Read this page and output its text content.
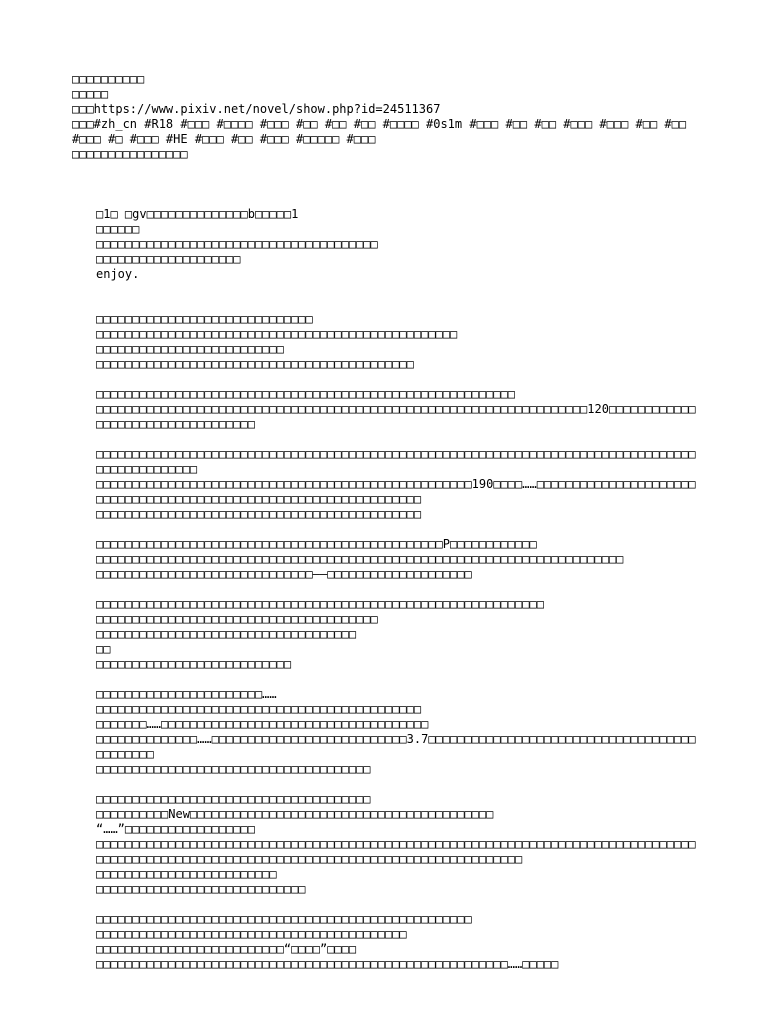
□□□□□□□□□□
□□□□□
□□□https://www.pixiv.net/novel/show.php?id=24511367
□□□#zh_cn #R18 #□□□ #□□□□ #□□□ #□□ #□□ #□□ #□□□□ #0s1m #□□□ #□□ #□□ #□□□ #□□□ #□□ #□□ #□□□ #□ #□□□ #HE #□□□ #□□ #□□□ #□□□□□ #□□□
□□□□□□□□□□□□□□□□
□1□ □gv□□□□□□□□□□□□□□b□□□□□1
□□□□□□
□□□□□□□□□□□□□□□□□□□□□□□□□□□□□□□□□□□□□□□
□□□□□□□□□□□□□□□□□□□□
enjoy.
□□□□□□□□□□□□□□□□□□□□□□□□□□□□□□
□□□□□□□□□□□□□□□□□□□□□□□□□□□□□□□□□□□□□□□□□□□□□□□□□□
□□□□□□□□□□□□□□□□□□□□□□□□□□
□□□□□□□□□□□□□□□□□□□□□□□□□□□□□□□□□□□□□□□□□□□□
□□□□□□□□□□□□□□□□□□□□□□□□□□□□□□□□□□□□□□□□□□□□□□□□□□□□□□□□□□
□□□□□□□□□□□□□□□□□□□□□□□□□□□□□□□□□□□□□□□□□□□□□□□□□□□□□□□□□□□□□□□□□□□□120□□□□□□□□□□□□□□□□□□□□□□□□□□□□□□□□□□
□□□□□□□□□□□□□□□□□□□□□□□□□□□□□□□□□□□□□□□□□□□□□□□□□□□□□□□□□□□□□□□□□□□□□□□□□□□□□□□□□□□□□□□□□□□□□□□□□
□□□□□□□□□□□□□□□□□□□□□□□□□□□□□□□□□□□□□□□□□□□□□□□□□□□□190□□□□……□□□□□□□□□□□□□□□□□□□□□□□□□□□□□□□□□□□□□□□□□□□□□□□□□□□□□□□□□□□□□□□□□□□
□□□□□□□□□□□□□□□□□□□□□□□□□□□□□□□□□□□□□□□□□□□□□
□□□□□□□□□□□□□□□□□□□□□□□□□□□□□□□□□□□□□□□□□□□□□□□□P□□□□□□□□□□□□
□□□□□□□□□□□□□□□□□□□□□□□□□□□□□□□□□□□□□□□□□□□□□□□□□□□□□□□□□□□□□□□□□□□□□□□□□
□□□□□□□□□□□□□□□□□□□□□□□□□□□□□□——□□□□□□□□□□□□□□□□□□□□
□□□□□□□□□□□□□□□□□□□□□□□□□□□□□□□□□□□□□□□□□□□□□□□□□□□□□□□□□□□□□□
□□□□□□□□□□□□□□□□□□□□□□□□□□□□□□□□□□□□□□□
□□□□□□□□□□□□□□□□□□□□□□□□□□□□□□□□□□□□
□□
□□□□□□□□□□□□□□□□□□□□□□□□□□□
□□□□□□□□□□□□□□□□□□□□□□□……
□□□□□□□□□□□□□□□□□□□□□□□□□□□□□□□□□□□□□□□□□□□□□
□□□□□□□……□□□□□□□□□□□□□□□□□□□□□□□□□□□□□□□□□□□□□
□□□□□□□□□□□□□□……□□□□□□□□□□□□□□□□□□□□□□□□□□□3.7□□□□□□□□□□□□□□□□□□□□□□□□□□□□□□□□□□□□□□□□□□□□□
□□□□□□□□□□□□□□□□□□□□□□□□□□□□□□□□□□□□□□
□□□□□□□□□□□□□□□□□□□□□□□□□□□□□□□□□□□□□□
□□□□□□□□□□New□□□□□□□□□□□□□□□□□□□□□□□□□□□□□□□□□□□□□□□□□□
“……”□□□□□□□□□□□□□□□□□□
□□□□□□□□□□□□□□□□□□□□□□□□□□□□□□□□□□□□□□□□□□□□□□□□□□□□□□□□□□□□□□□□□□□□□□□□□□□□□□□□□□□□□□□□□□□□□□□□□□□□□□□□□□□□□□□□□□□□□□□□□□□□□□□□□□□□□□□□□□□□□□
□□□□□□□□□□□□□□□□□□□□□□□□□
□□□□□□□□□□□□□□□□□□□□□□□□□□□□□
□□□□□□□□□□□□□□□□□□□□□□□□□□□□□□□□□□□□□□□□□□□□□□□□□□□□
□□□□□□□□□□□□□□□□□□□□□□□□□□□□□□□□□□□□□□□□□□□
□□□□□□□□□□□□□□□□□□□□□□□□□□“□□□□”□□□□
□□□□□□□□□□□□□□□□□□□□□□□□□□□□□□□□□□□□□□□□□□□□□□□□□□□□□□□□□……□□□□□
